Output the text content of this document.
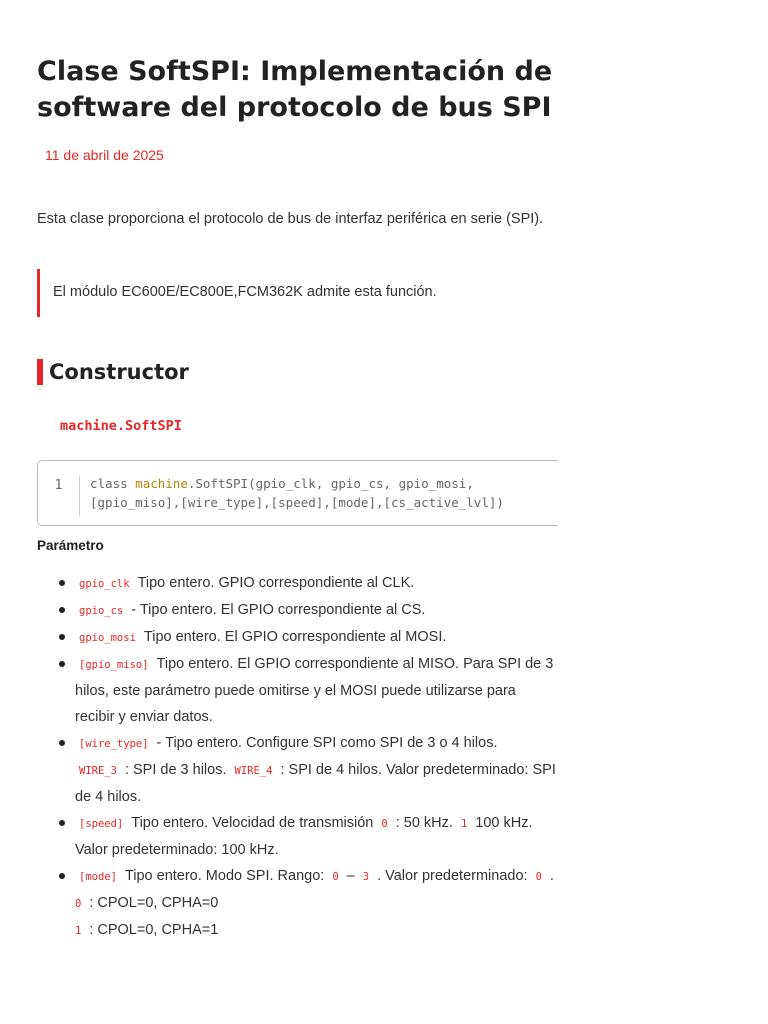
Clase SoftSPI: Implementación de software del protocolo de bus SPI
11 de abril de 2025

Esta clase proporciona el protocolo de bus de interfaz periférica en serie (SPI).

El módulo EC600E/EC800E,FCM362K admite esta función.
Constructor
machine.SoftSPI
1	class machine.SoftSPI(gpio_clk, gpio_cs, gpio_mosi,
[gpio_miso],[wire_type],[speed],[mode],[cs_active_lvl])
Parámetro
gpio_clk Tipo entero. GPIO correspondiente al CLK.
gpio_cs - Tipo entero. El GPIO correspondiente al CS.
gpio_mosi Tipo entero. El GPIO correspondiente al MOSI.
[gpio_miso] Tipo entero. El GPIO correspondiente al MISO. Para SPI de 3 hilos, este parámetro puede omitirse y el MOSI puede utilizarse para recibir y enviar datos.
[wire_type] - Tipo entero. Configure SPI como SPI de 3 o 4 hilos.
WIRE_3 : SPI de 3 hilos. WIRE_4 : SPI de 4 hilos. Valor predeterminado: SPI de 4 hilos.
[speed] Tipo entero. Velocidad de transmisión 0 : 50 kHz. 1 100 kHz. Valor predeterminado: 100 kHz.
[mode] Tipo entero. Modo SPI. Rango: 0 – 3 . Valor predeterminado: 0 .
0 : CPOL=0, CPHA=0
1 : CPOL=0, CPHA=1
